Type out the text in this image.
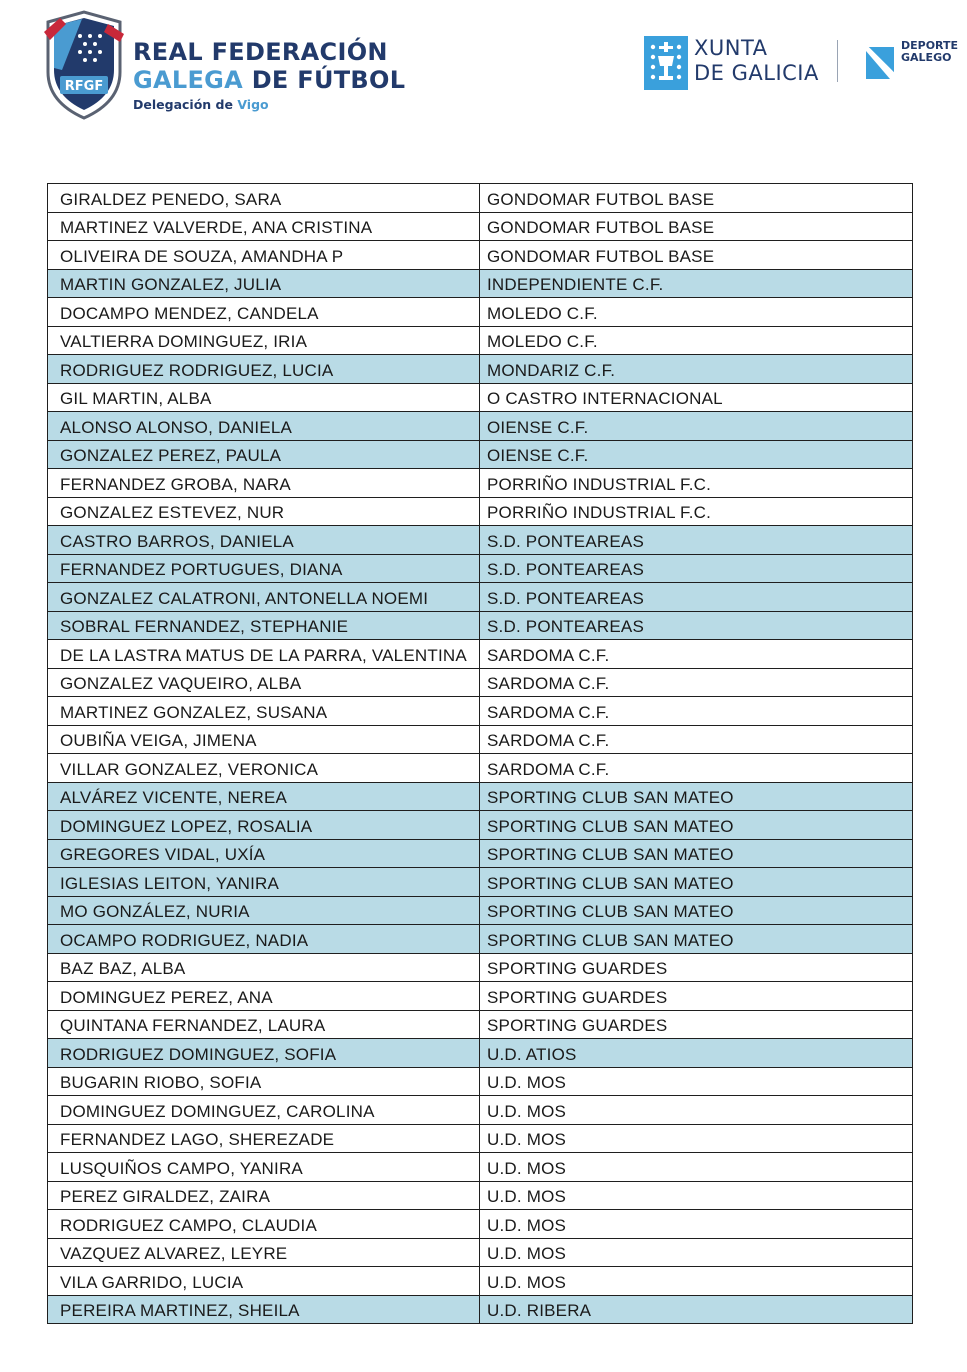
RFGF
REAL FEDERACIÓN
GALEGA DE FÚTBOL
Delegación de Vigo
XUNTA
DE GALICIA
DEPORTE
GALEGO
GIRALDEZ PENEDO, SARA	GONDOMAR FUTBOL BASE
MARTINEZ VALVERDE, ANA CRISTINA	GONDOMAR FUTBOL BASE
OLIVEIRA DE SOUZA, AMANDHA P	GONDOMAR FUTBOL BASE
MARTIN GONZALEZ, JULIA	INDEPENDIENTE C.F.
DOCAMPO MENDEZ, CANDELA	MOLEDO C.F.
VALTIERRA DOMINGUEZ, IRIA	MOLEDO C.F.
RODRIGUEZ RODRIGUEZ, LUCIA	MONDARIZ C.F.
GIL MARTIN, ALBA	O CASTRO INTERNACIONAL
ALONSO ALONSO, DANIELA	OIENSE C.F.
GONZALEZ PEREZ, PAULA	OIENSE C.F.
FERNANDEZ GROBA, NARA	PORRIÑO INDUSTRIAL F.C.
GONZALEZ ESTEVEZ, NUR	PORRIÑO INDUSTRIAL F.C.
CASTRO BARROS, DANIELA	S.D. PONTEAREAS
FERNANDEZ PORTUGUES, DIANA	S.D. PONTEAREAS
GONZALEZ CALATRONI, ANTONELLA NOEMI	S.D. PONTEAREAS
SOBRAL FERNANDEZ, STEPHANIE	S.D. PONTEAREAS
DE LA LASTRA MATUS DE LA PARRA, VALENTINA	SARDOMA C.F.
GONZALEZ VAQUEIRO, ALBA	SARDOMA C.F.
MARTINEZ GONZALEZ, SUSANA	SARDOMA C.F.
OUBIÑA VEIGA, JIMENA	SARDOMA C.F.
VILLAR GONZALEZ, VERONICA	SARDOMA C.F.
ALVÁREZ VICENTE, NEREA	SPORTING CLUB SAN MATEO
DOMINGUEZ LOPEZ, ROSALIA	SPORTING CLUB SAN MATEO
GREGORES VIDAL, UXÍA	SPORTING CLUB SAN MATEO
IGLESIAS LEITON, YANIRA	SPORTING CLUB SAN MATEO
MO GONZÁLEZ, NURIA	SPORTING CLUB SAN MATEO
OCAMPO RODRIGUEZ, NADIA	SPORTING CLUB SAN MATEO
BAZ BAZ, ALBA	SPORTING GUARDES
DOMINGUEZ PEREZ, ANA	SPORTING GUARDES
QUINTANA FERNANDEZ, LAURA	SPORTING GUARDES
RODRIGUEZ DOMINGUEZ, SOFIA	U.D. ATIOS
BUGARIN RIOBO, SOFIA	U.D. MOS
DOMINGUEZ DOMINGUEZ, CAROLINA	U.D. MOS
FERNANDEZ LAGO, SHEREZADE	U.D. MOS
LUSQUIÑOS CAMPO, YANIRA	U.D. MOS
PEREZ GIRALDEZ, ZAIRA	U.D. MOS
RODRIGUEZ CAMPO, CLAUDIA	U.D. MOS
VAZQUEZ ALVAREZ, LEYRE	U.D. MOS
VILA GARRIDO, LUCIA	U.D. MOS
PEREIRA MARTINEZ, SHEILA	U.D. RIBERA
